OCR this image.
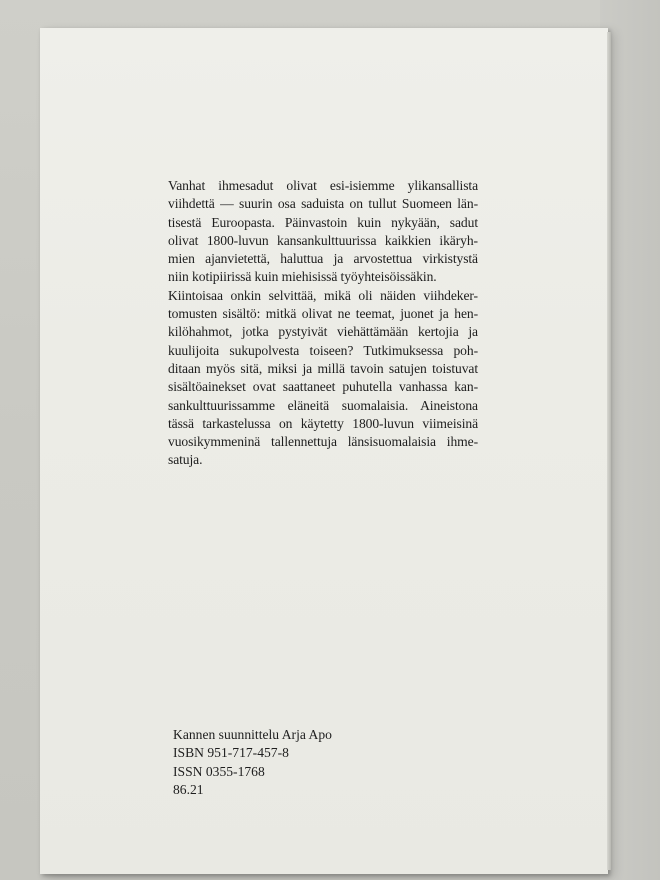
Vanhat ihmesadut olivat esi-isiemme ylikansallista
viihdettä — suurin osa saduista on tullut Suomeen län-
tisestä Euroopasta. Päinvastoin kuin nykyään, sadut
olivat 1800-luvun kansankulttuurissa kaikkien ikäryh-
mien ajanvietettä, haluttua ja arvostettua virkistystä
niin kotipiirissä kuin miehisissä työyhteisöissäkin.
Kiintoisaa onkin selvittää, mikä oli näiden viihdeker-
tomusten sisältö: mitkä olivat ne teemat, juonet ja hen-
kilöhahmot, jotka pystyivät viehättämään kertojia ja
kuulijoita sukupolvesta toiseen? Tutkimuksessa poh-
ditaan myös sitä, miksi ja millä tavoin satujen toistuvat
sisältöainekset ovat saattaneet puhutella vanhassa kan-
sankulttuurissamme eläneitä suomalaisia. Aineistona
tässä tarkastelussa on käytetty 1800-luvun viimeisinä
vuosikymmeninä tallennettuja länsisuomalaisia ihme-
satuja.
Kannen suunnittelu Arja Apo
ISBN 951-717-457-8
ISSN 0355-1768
86.21
